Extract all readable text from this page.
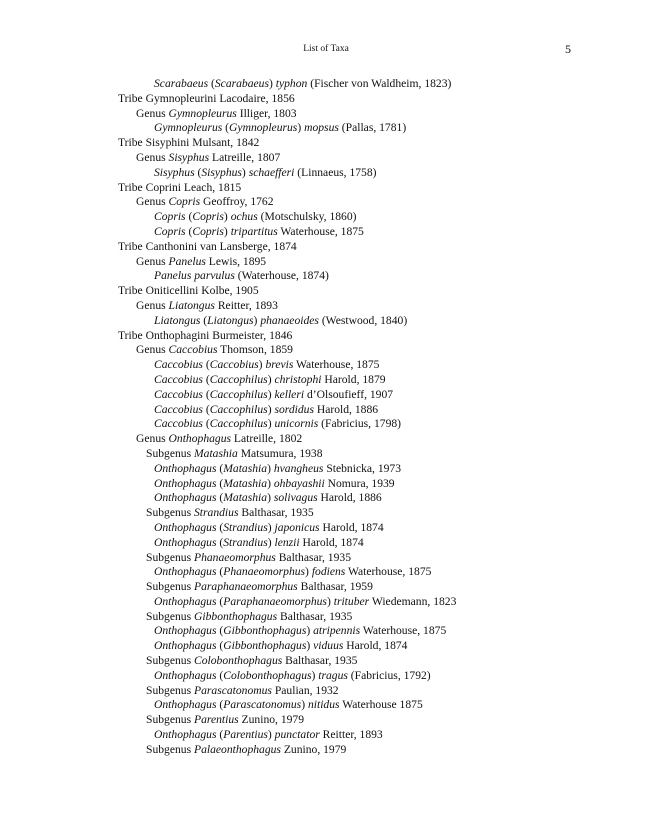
List of Taxa	5
Scarabaeus (Scarabaeus) typhon (Fischer von Waldheim, 1823)
Tribe Gymnopleurini Lacodaire, 1856
Genus Gymnopleurus Illiger, 1803
Gymnopleurus (Gymnopleurus) mopsus (Pallas, 1781)
Tribe Sisyphini Mulsant, 1842
Genus Sisyphus Latreille, 1807
Sisyphus (Sisyphus) schaefferi (Linnaeus, 1758)
Tribe Coprini Leach, 1815
Genus Copris Geoffroy, 1762
Copris (Copris) ochus (Motschulsky, 1860)
Copris (Copris) tripartitus Waterhouse, 1875
Tribe Canthonini van Lansberge, 1874
Genus Panelus Lewis, 1895
Panelus parvulus (Waterhouse, 1874)
Tribe Oniticellini Kolbe, 1905
Genus Liatongus Reitter, 1893
Liatongus (Liatongus) phanaeoides (Westwood, 1840)
Tribe Onthophagini Burmeister, 1846
Genus Caccobius Thomson, 1859
Caccobius (Caccobius) brevis Waterhouse, 1875
Caccobius (Caccophilus) christophi Harold, 1879
Caccobius (Caccophilus) kelleri d’Olsoufieff, 1907
Caccobius (Caccophilus) sordidus Harold, 1886
Caccobius (Caccophilus) unicornis (Fabricius, 1798)
Genus Onthophagus Latreille, 1802
Subgenus Matashia Matsumura, 1938
Onthophagus (Matashia) hvangheus Stebnicka, 1973
Onthophagus (Matashia) ohbayashii Nomura, 1939
Onthophagus (Matashia) solivagus Harold, 1886
Subgenus Strandius Balthasar, 1935
Onthophagus (Strandius) japonicus Harold, 1874
Onthophagus (Strandius) lenzii Harold, 1874
Subgenus Phanaeomorphus Balthasar, 1935
Onthophagus (Phanaeomorphus) fodiens Waterhouse, 1875
Subgenus Paraphanaeomorphus Balthasar, 1959
Onthophagus (Paraphanaeomorphus) trituber Wiedemann, 1823
Subgenus Gibbonthophagus Balthasar, 1935
Onthophagus (Gibbonthophagus) atripennis Waterhouse, 1875
Onthophagus (Gibbonthophagus) viduus Harold, 1874
Subgenus Colobonthophagus Balthasar, 1935
Onthophagus (Colobonthophagus) tragus (Fabricius, 1792)
Subgenus Parascatonomus Paulian, 1932
Onthophagus (Parascatonomus) nitidus Waterhouse 1875
Subgenus Parentius Zunino, 1979
Onthophagus (Parentius) punctator Reitter, 1893
Subgenus Palaeonthophagus Zunino, 1979
